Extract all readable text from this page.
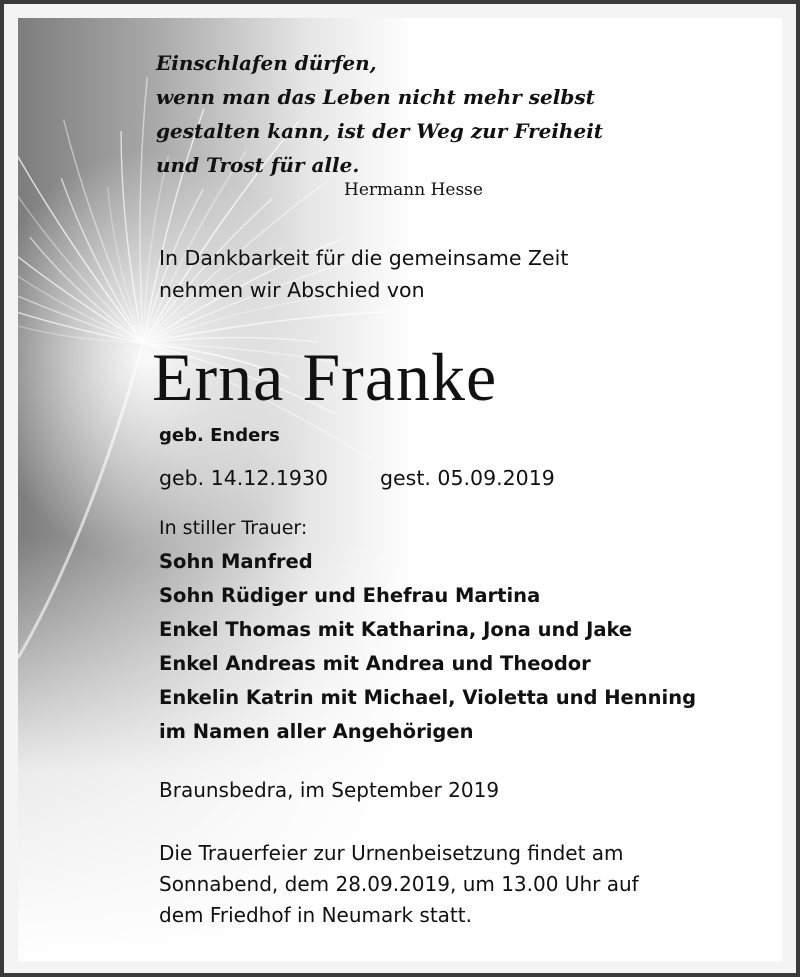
Einschlafen dürfen,
wenn man das Leben nicht mehr selbst
gestalten kann, ist der Weg zur Freiheit
und Trost für alle.
Hermann Hesse
In Dankbarkeit für die gemeinsame Zeit
nehmen wir Abschied von
Erna Franke
geb. Enders
geb. 14.12.1930	gest. 05.09.2019
In stiller Trauer:
Sohn Manfred
Sohn Rüdiger und Ehefrau Martina
Enkel Thomas mit Katharina, Jona und Jake
Enkel Andreas mit Andrea und Theodor
Enkelin Katrin mit Michael, Violetta und Henning
im Namen aller Angehörigen
Braunsbedra, im September 2019
Die Trauerfeier zur Urnenbeisetzung findet am
Sonnabend, dem 28.09.2019, um 13.00 Uhr auf
dem Friedhof in Neumark statt.
